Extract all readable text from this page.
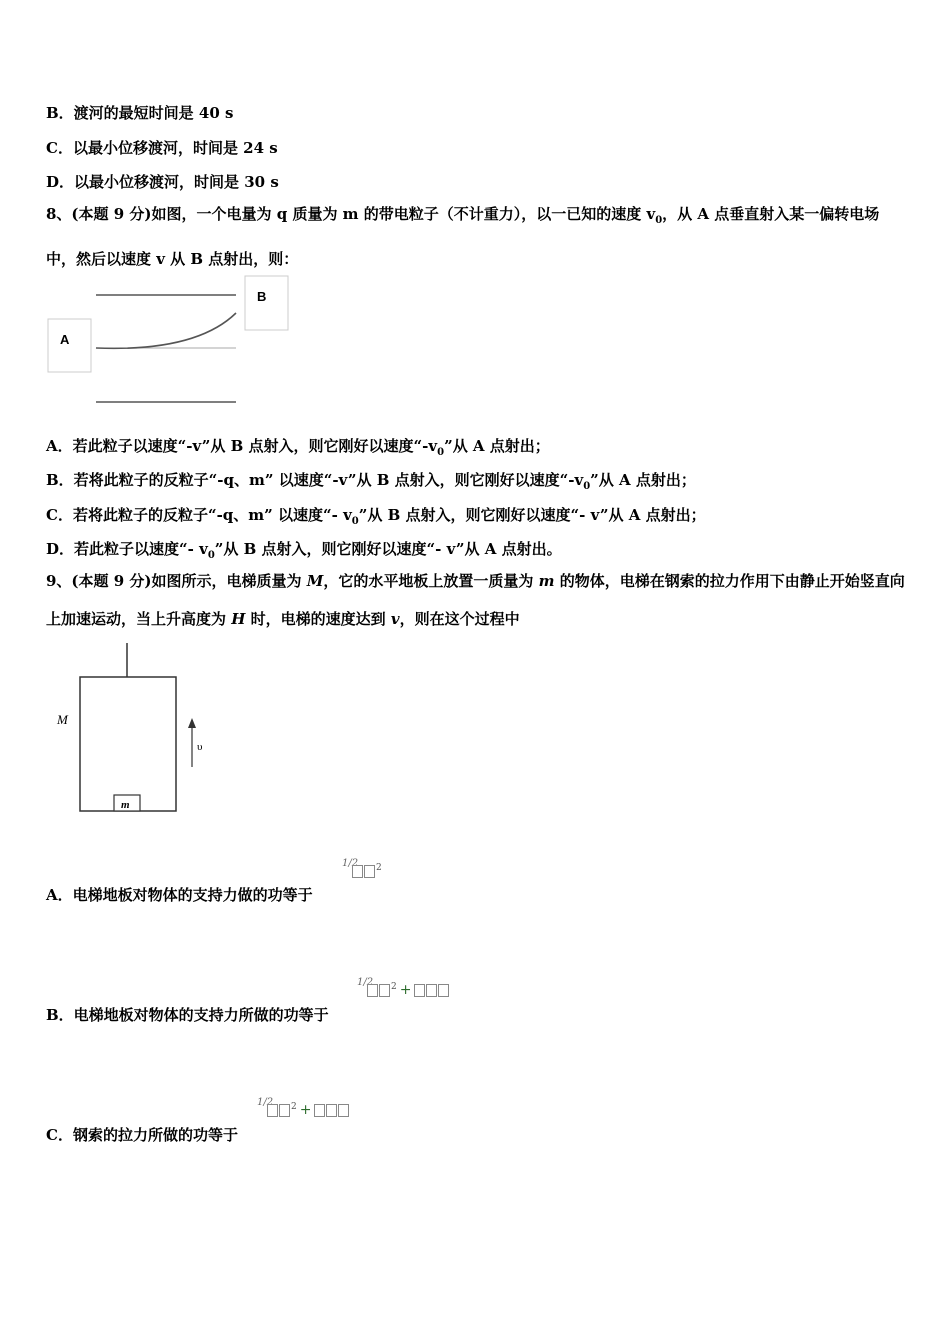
B．渡河的最短时间是 40 s
C．以最小位移渡河，时间是 24 s
D．以最小位移渡河，时间是 30 s
8、(本题 9 分)如图，一个电量为 q 质量为 m 的带电粒子（不计重力），以一已知的速度 $v_0$，从 A 点垂直射入某一偏转电场中，然后以速度 v 从 B 点射出，则：
A
B
A．若此粒子以速度“-v”从 B 点射入，则它刚好以速度“$-v_0$”从 A 点射出；
B．若将此粒子的反粒子“-q、m” 以速度“-v”从 B 点射入，则它刚好以速度“$-v_0$”从 A 点射出；
C．若将此粒子的反粒子“-q、m” 以速度“- $v_0$”从 B 点射入，则它刚好以速度“- v”从 A 点射出；
D．若此粒子以速度“- $v_0$”从 B 点射入，则它刚好以速度“- v”从 A 点射出。
9、(本题 9 分)如图所示，电梯质量为 M，它的水平地板上放置一质量为 m 的物体，电梯在钢索的拉力作用下由静止开始竖直向上加速运动，当上升高度为 H 时，电梯的速度达到 v，则在这个过程中
m
M
υ
A．电梯地板对物体的支持力做的功等于
1/2	$^2$
B．电梯地板对物体的支持力所做的功等于
1/2	$^2$ +
C．钢索的拉力所做的功等于
1/2	$^2$ +
